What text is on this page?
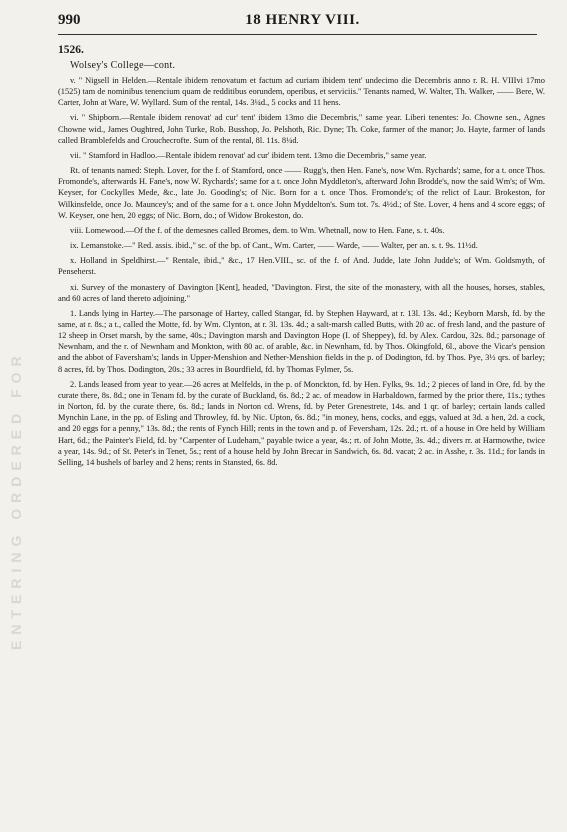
990	18 HENRY VIII.
1526.
Wolsey's College—cont.
ENTERING ORDERED FOR

v. " Nigsell in Helden.—Rentale ibidem renovatum et factum ad curiam ibidem tent' undecimo die Decembris anno r. R. H. VIIIvi 17mo (1525) tam de nominibus tenencium quam de redditibus eorundem, operibus, et serviciis." Tenants named, W. Walter, Th. Walker, —— Bere, W. Carter, John at Ware, W. Wyllard. Sum of the rental, 14s. 3¼d., 5 cocks and 11 hens.

vi. " Shipborn.—Rentale ibidem renovat' ad cur' tent' ibidem 13mo die Decembris," same year. Liberi tenentes: Jo. Chowne sen., Agnes Chowne wid., James Oughtred, John Turke, Rob. Busshop, Jo. Pelshoth, Ric. Dyne; Th. Coke, farmer of the manor; Jo. Hayte, farmer of lands called Bramblefelds and Crouchecrofte. Sum of the rental, 8l. 11s. 8¼d.

vii. " Stamford in Hadloo.—Rentale ibidem renovat' ad cur' ibidem tent. 13mo die Decembris," same year.

Rt. of tenants named: Steph. Lover, for the f. of Stamford, once —— Rugg's, then Hen. Fane's, now Wm. Rychards'; same, for a t. once Thos. Fromonde's, afterwards H. Fane's, now W. Rychards'; same for a t. once John Myddleton's, afterward John Brodde's, now the said Wm's; of Wm. Keyser, for Cockylles Mede, &c., late Jo. Gooding's; of Nic. Born for a t. once Thos. Fromonde's; of the relict of Laur. Brokeston, for Wilkinsfelde, once Jo. Mauncey's; and of the same for a t. once John Myddelton's. Sum tot. 7s. 4½d.; of Ste. Lover, 4 hens and 4 score eggs; of W. Keyser, one hen, 20 eggs; of Nic. Born, do.; of Widow Brokeston, do.

viii. Lomewood.—Of the f. of the demesnes called Bromes, dem. to Wm. Whetnall, now to Hen. Fane, s. t. 40s.

ix. Lemanstoke.—" Red. assis. ibid.," sc. of the bp. of Cant., Wm. Carter, —— Warde, —— Walter, per an. s. t. 9s. 11½d.

x. Holland in Speldhirst.—" Rentale, ibid.," &c., 17 Hen.VIII., sc. of the f. of And. Judde, late John Judde's; of Wm. Goldsmyth, of Penseherst.

xi. Survey of the monastery of Davington [Kent], headed, "Davington. First, the site of the monastery, with all the houses, horses, stables, and 60 acres of land thereto adjoining."

1. Lands lying in Hartey.—The parsonage of Hartey, called Stangar, fd. by Stephen Hayward, at r. 13l. 13s. 4d.; Keyborn Marsh, fd. by the same, at r. 8s.; a t., called the Motte, fd. by Wm. Clynton, at r. 3l. 13s. 4d.; a salt-marsh called Butts, with 20 ac. of fresh land, and the pasture of 12 sheep in Orset marsh, by the same, 40s.; Davington marsh and Davington Hope (I. of Sheppey), fd. by Alex. Cardou, 32s. 8d.; parsonage of Newnham, and the r. of Newnham and Monkton, with 80 ac. of arable, &c. in Newnham, fd. by Thos. Okingfold, 6l., above the Vicar's pension and the abbot of Faversham's; lands in Upper-Menshion and Nether-Menshion fields in the p. of Dodington, fd. by Thos. Pye, 3½ qrs. of barley; 8 acres, fd. by Thos. Dodington, 20s.; 33 acres in Bourdfield, fd. by Thomas Fylmer, 5s.

2. Lands leased from year to year.—26 acres at Melfelds, in the p. of Monckton, fd. by Hen. Fylks, 9s. 1d.; 2 pieces of land in Ore, fd. by the curate there, 8s. 8d.; one in Tenam fd. by the curate of Buckland, 6s. 8d.; 2 ac. of meadow in Harbaldown, farmed by the prior there, 11s.; tythes in Norton, fd. by the curate there, 6s. 8d.; lands in Norton cd. Wrens, fd. by Peter Grenestrete, 14s. and 1 qr. of barley; certain lands called Mynchin Lane, in the pp. of Esling and Throwley, fd. by Nic. Upton, 6s. 8d.; "in money, hens, cocks, and eggs, valued at 3d. a hen, 2d. a cock, and 20 eggs for a penny," 13s. 8d.; the rents of Fynch Hill; rents in the town and p. of Feversham, 12s. 2d.; rt. of a house in Ore held by William Hart, 6d.; the Painter's Field, fd. by "Carpenter of Ludeham," payable twice a year, 4s.; rt. of John Motte, 3s. 4d.; divers rr. at Harmowthe, twice a year, 14s. 9d.; of St. Peter's in Tenet, 5s.; rent of a house held by John Brecar in Sandwich, 6s. 8d. vacat; 2 ac. in Asshe, r. 3s. 11d.; for lands in Selling, 14 bushels of barley and 2 hens; rents in Stansted, 6s. 8d.
